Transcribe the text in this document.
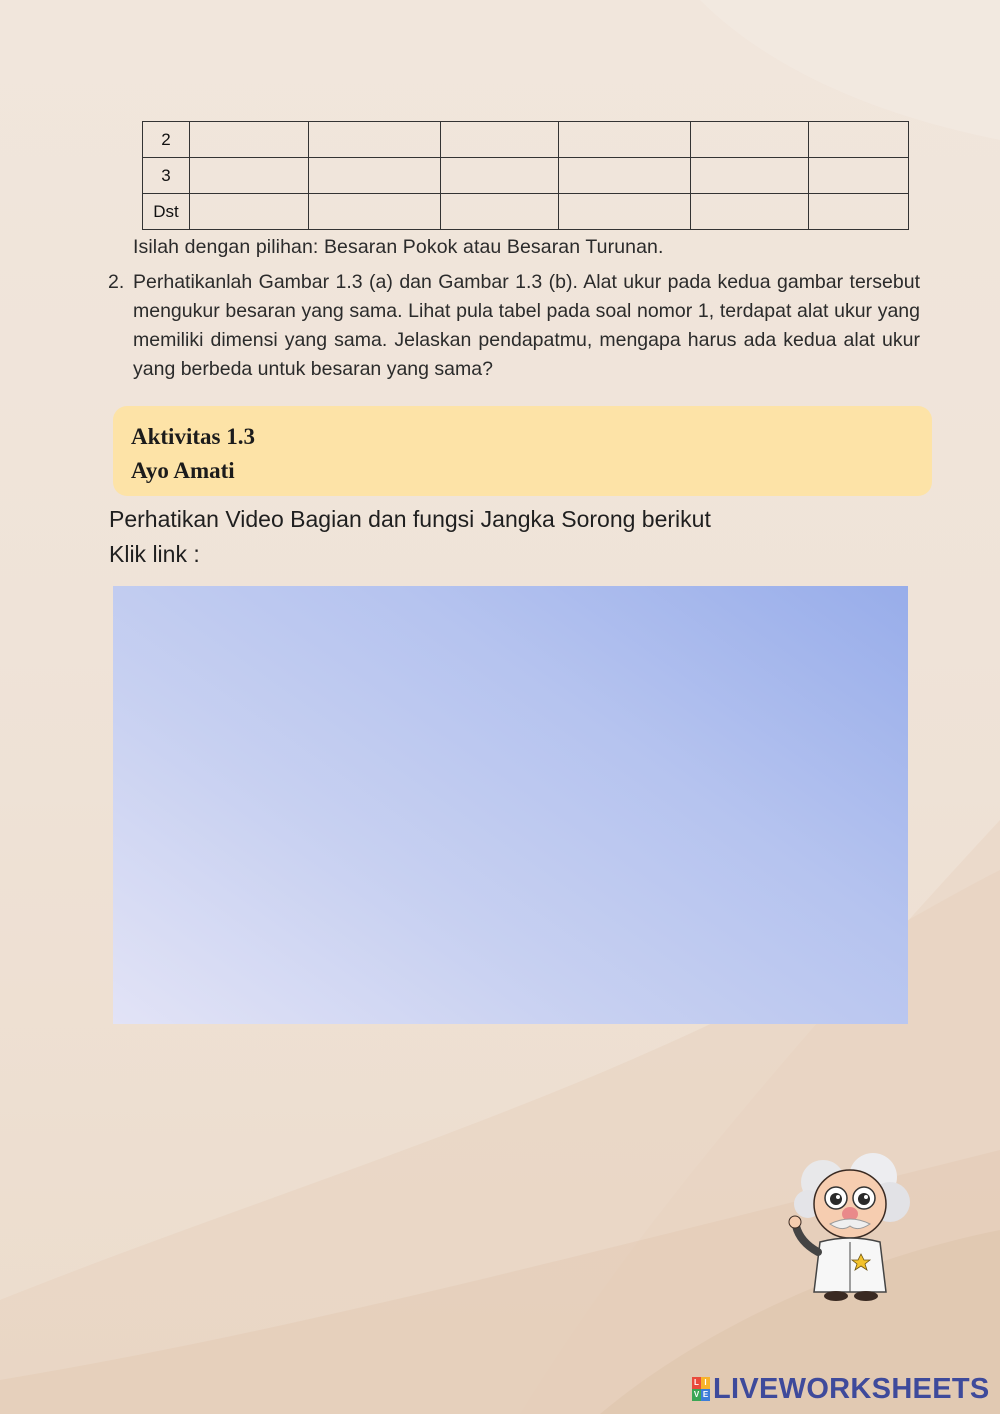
2						
3						
Dst						
Isilah dengan pilihan: Besaran Pokok atau Besaran Turunan.
2. Perhatikanlah Gambar 1.3 (a) dan Gambar 1.3 (b). Alat ukur pada kedua gambar tersebut mengukur besaran yang sama. Lihat pula tabel pada soal nomor 1, terdapat alat ukur yang memiliki dimensi yang sama. Jelaskan pendapatmu, mengapa harus ada kedua alat ukur yang berbeda untuk besaran yang sama?
Aktivitas 1.3
Ayo Amati
Perhatikan Video Bagian dan fungsi Jangka Sorong berikut
Klik link :
L I
V E LIVEWORKSHEETS
